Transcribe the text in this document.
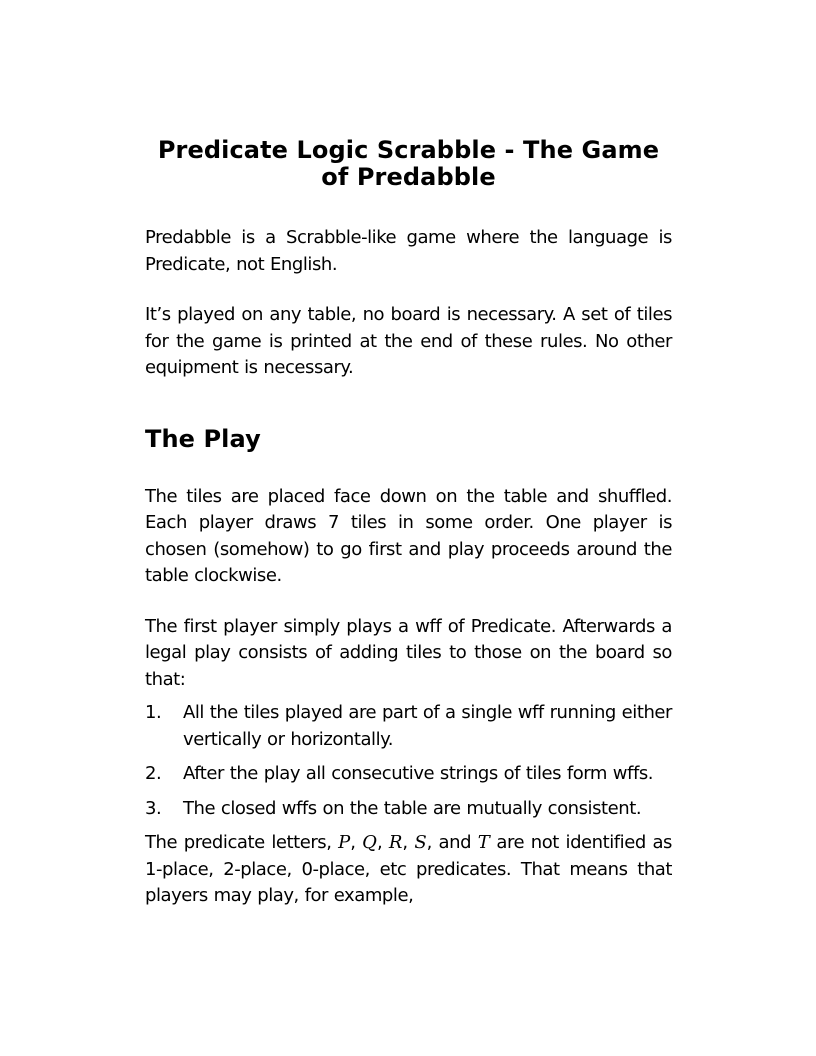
Predicate Logic Scrabble - The Game of Predabble

Predabble is a Scrabble-like game where the language is Predicate, not English.

It’s played on any table, no board is necessary. A set of tiles for the game is printed at the end of these rules. No other equipment is necessary.

The Play

The tiles are placed face down on the table and shuffled. Each player draws 7 tiles in some order. One player is chosen (somehow) to go first and play proceeds around the table clockwise.

The first player simply plays a wff of Predicate. Afterwards a legal play consists of adding tiles to those on the board so that:

1. All the tiles played are part of a single wff running either vertically or horizontally.
2. After the play all consecutive strings of tiles form wffs.
3. The closed wffs on the table are mutually consistent.

The predicate letters, P, Q, R, S, and T are not identified as 1-place, 2-place, 0-place, etc predicates. That means that players may play, for example,
